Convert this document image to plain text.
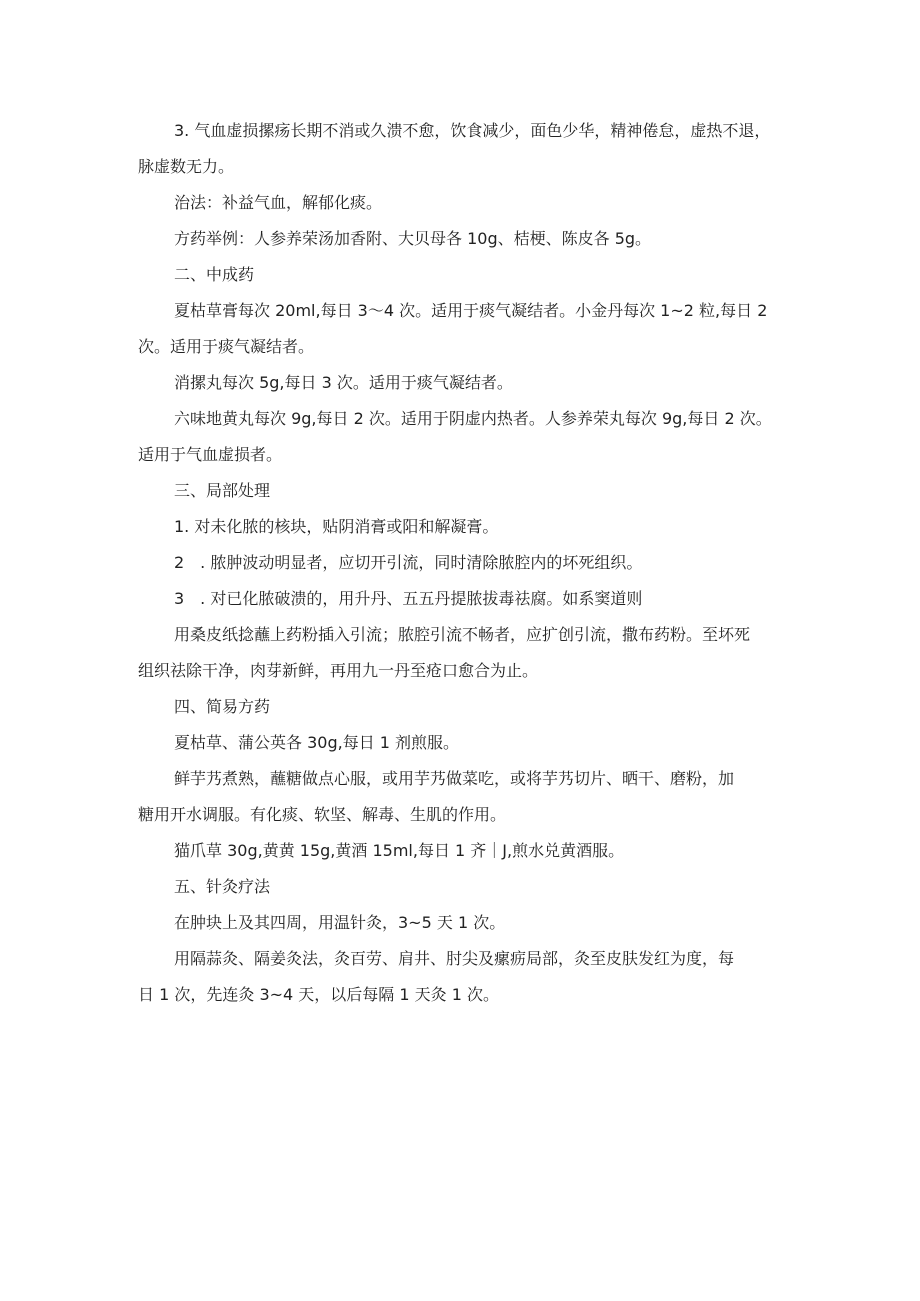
3. 气血虚损摞疡长期不消或久溃不愈，饮食减少，面色少华，精神倦怠，虚热不退，
脉虚数无力。

治法：补益气血，解郁化痰。

方药举例：人参养荣汤加香附、大贝母各 10g、桔梗、陈皮各 5g。

二、中成药

夏枯草膏每次 20ml,每日 3～4 次。适用于痰气凝结者。小金丹每次 1~2 粒,每日 2
次。适用于痰气凝结者。

消摞丸每次 5g,每日 3 次。适用于痰气凝结者。

六味地黄丸每次 9g,每日 2 次。适用于阴虚内热者。人参养荣丸每次 9g,每日 2 次。
适用于气血虚损者。

三、局部处理

1. 对未化脓的核块，贴阴消膏或阳和解凝膏。

2　. 脓肿波动明显者，应切开引流，同时清除脓腔内的坏死组织。

3　. 对已化脓破溃的，用升丹、五五丹提脓拔毒祛腐。如系窦道则

用桑皮纸捻蘸上药粉插入引流；脓腔引流不畅者，应扩创引流，撒布药粉。至坏死
组织祛除干净，肉芽新鲜，再用九一丹至疮口愈合为止。

四、简易方药

夏枯草、蒲公英各 30g,每日 1 剂煎服。

鲜芋艿煮熟，蘸糖做点心服，或用芋艿做菜吃，或将芋艿切片、晒干、磨粉，加
糖用开水调服。有化痰、软坚、解毒、生肌的作用。

猫爪草 30g,黄黄 15g,黄酒 15ml,每日 1 齐｜J,煎水兑黄酒服。

五、针灸疗法

在肿块上及其四周，用温针灸，3~5 天 1 次。

用隔蒜灸、隔姜灸法，灸百劳、肩井、肘尖及瘰疬局部，灸至皮肤发红为度，每
日 1 次，先连灸 3~4 天，以后每隔 1 天灸 1 次。
